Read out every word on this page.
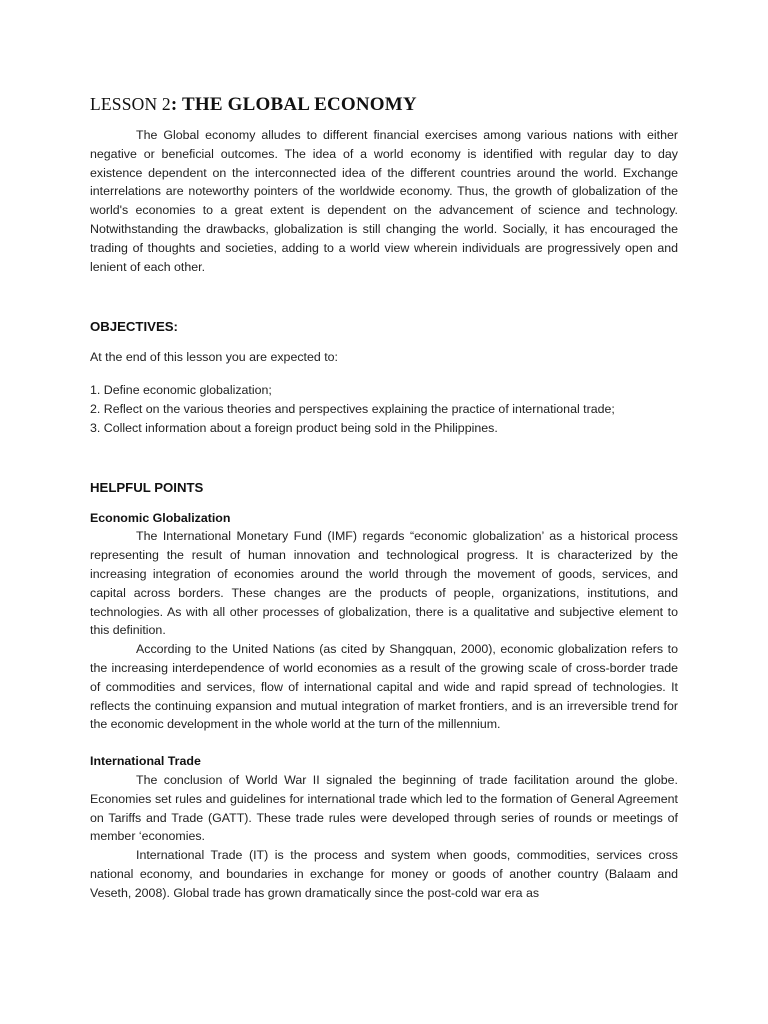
LESSON 2: THE GLOBAL ECONOMY

The Global economy alludes to different financial exercises among various nations with either negative or beneficial outcomes. The idea of a world economy is identified with regular day to day existence dependent on the interconnected idea of the different countries around the world. Exchange interrelations are noteworthy pointers of the worldwide economy. Thus, the growth of globalization of the world's economies to a great extent is dependent on the advancement of science and technology. Notwithstanding the drawbacks, globalization is still changing the world. Socially, it has encouraged the trading of thoughts and societies, adding to a world view wherein individuals are progressively open and lenient of each other.

OBJECTIVES:

At the end of this lesson you are expected to:

1. Define economic globalization;
2. Reflect on the various theories and perspectives explaining the practice of international trade;
3. Collect information about a foreign product being sold in the Philippines.
HELPFUL POINTS
Economic Globalization

The International Monetary Fund (IMF) regards “economic globalization’ as a historical process representing the result of human innovation and technological progress. It is characterized by the increasing integration of economies around the world through the movement of goods, services, and capital across borders. These changes are the products of people, organizations, institutions, and technologies. As with all other processes of globalization, there is a qualitative and subjective element to this definition.

According to the United Nations (as cited by Shangquan, 2000), economic globalization refers to the increasing interdependence of world economies as a result of the growing scale of cross-border trade of commodities and services, flow of international capital and wide and rapid spread of technologies. It reflects the continuing expansion and mutual integration of market frontiers, and is an irreversible trend for the economic development in the whole world at the turn of the millennium.

International Trade

The conclusion of World War II signaled the beginning of trade facilitation around the globe. Economies set rules and guidelines for international trade which led to the formation of General Agreement on Tariffs and Trade (GATT). These trade rules were developed through series of rounds or meetings of member ‘economies.

International Trade (IT) is the process and system when goods, commodities, services cross national economy, and boundaries in exchange for money or goods of another country (Balaam and Veseth, 2008). Global trade has grown dramatically since the post-cold war era as
